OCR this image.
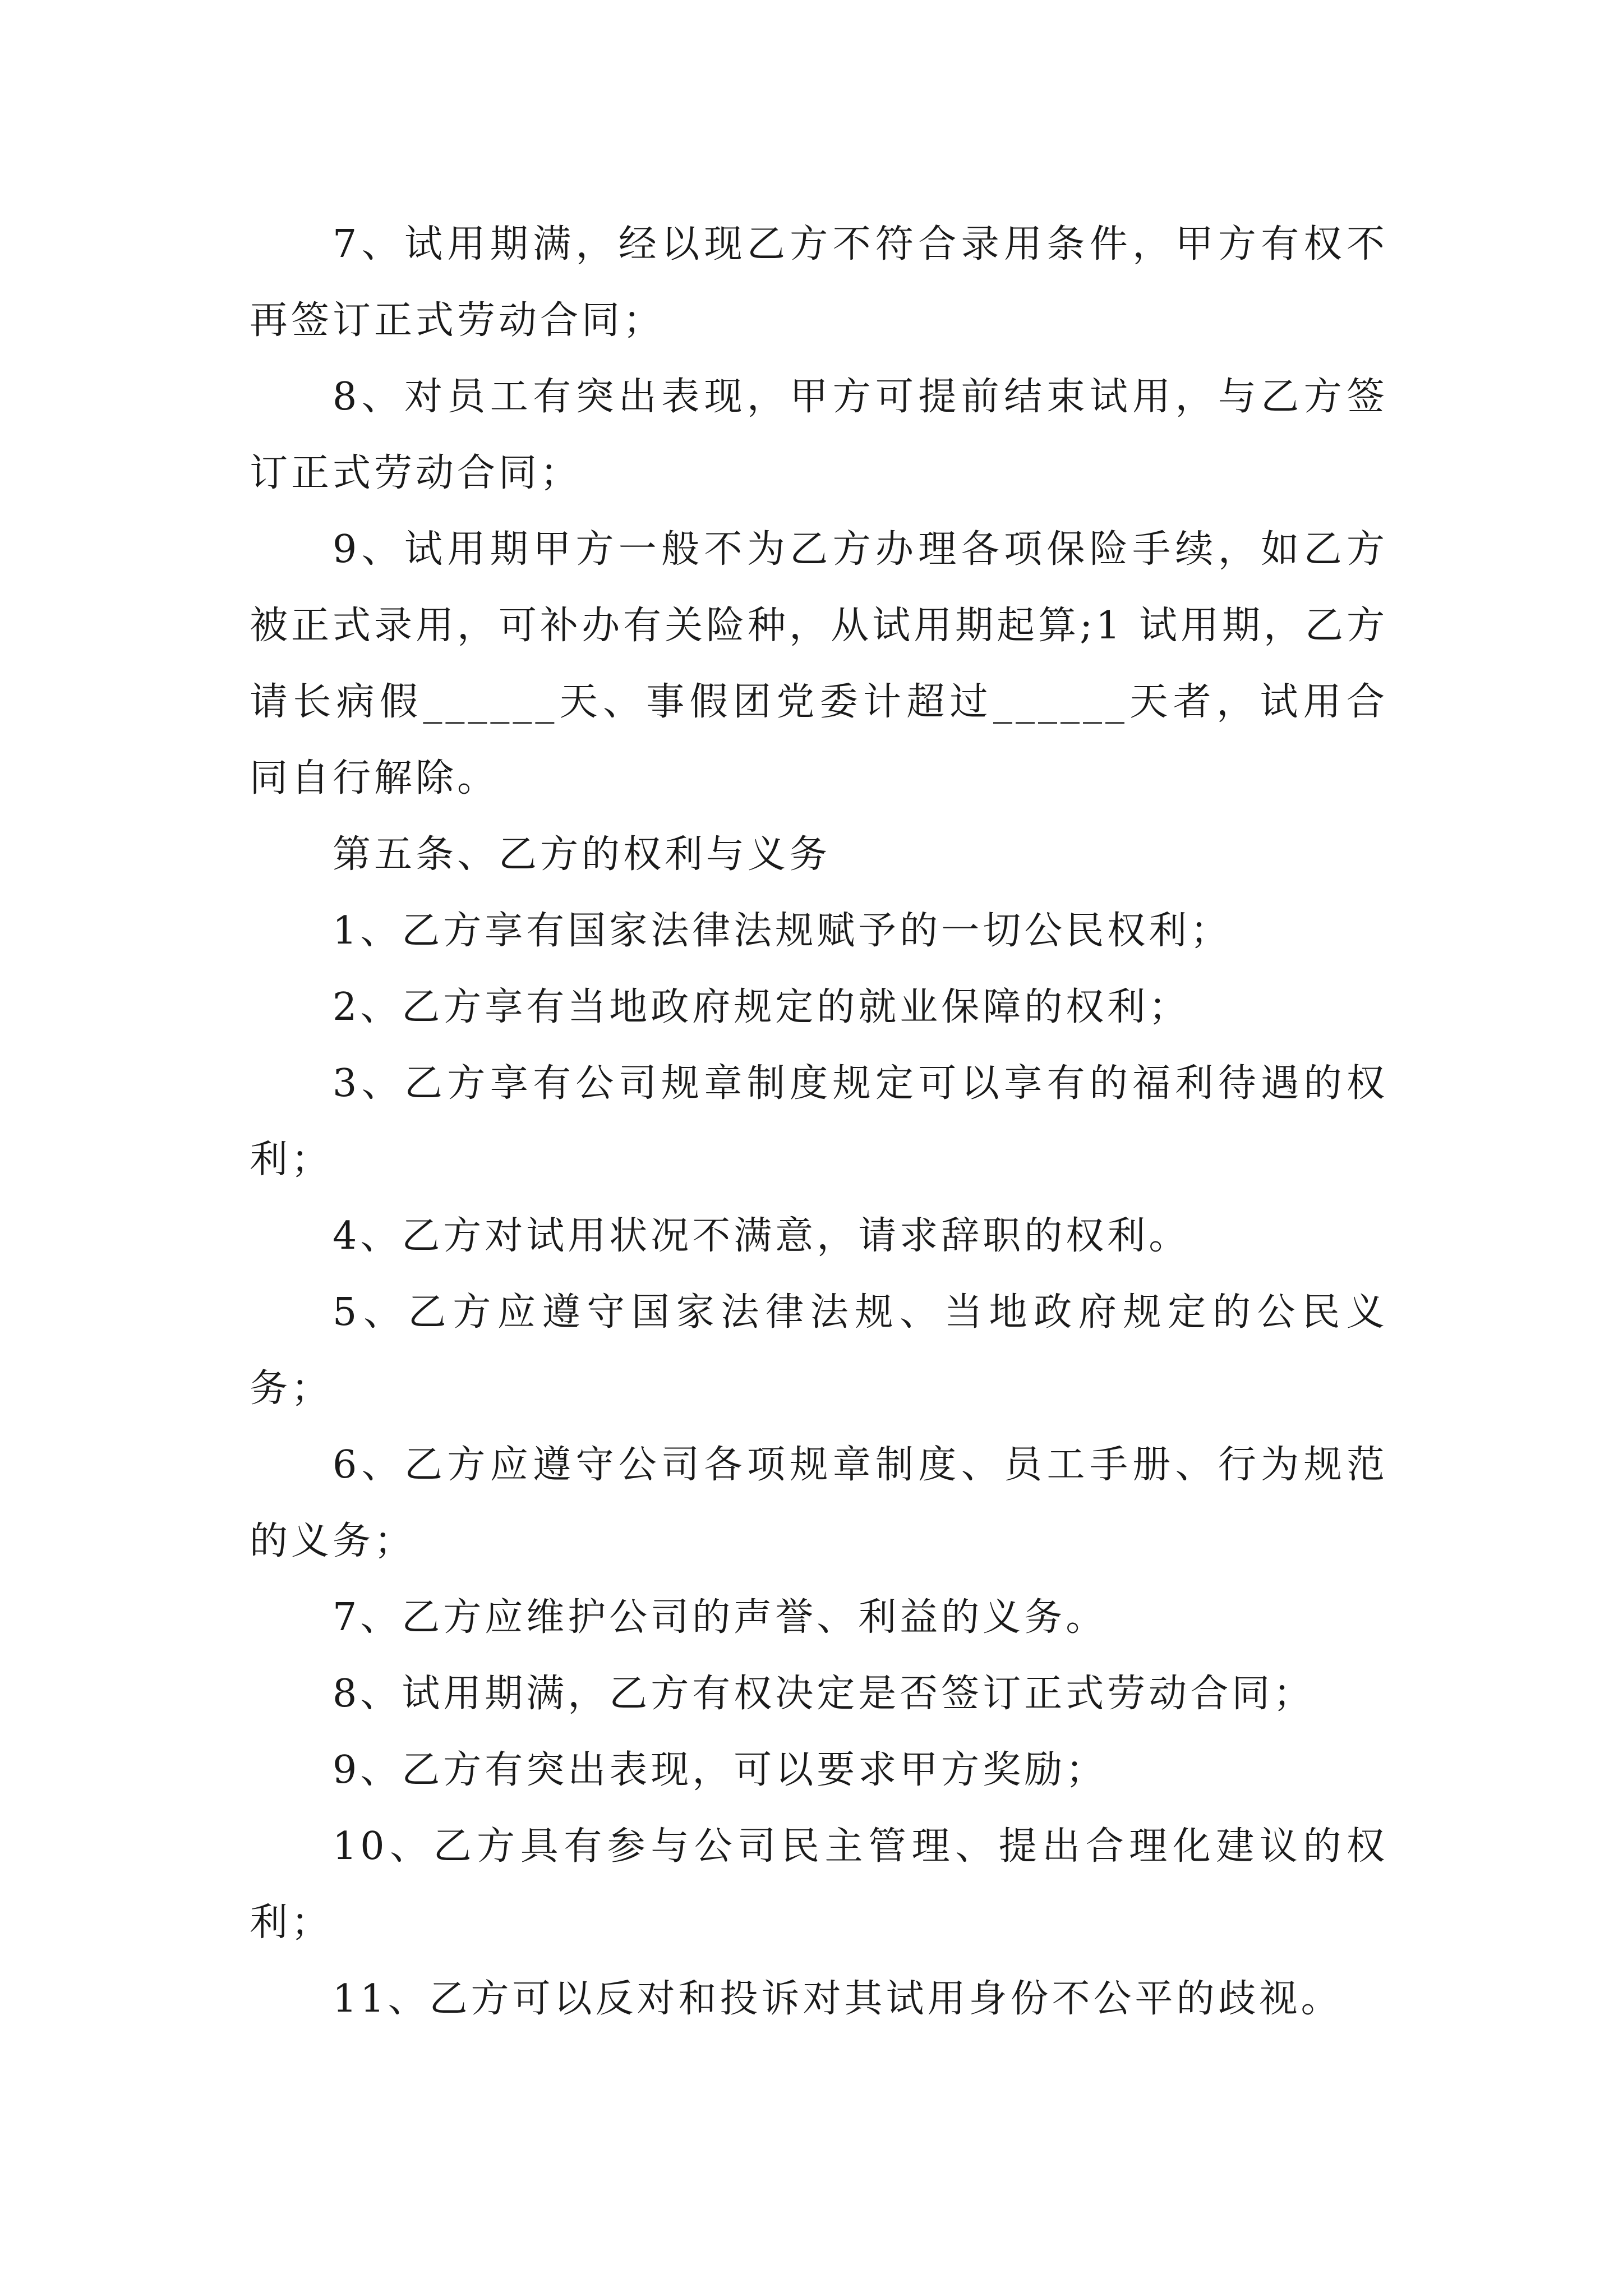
7、试用期满，经以现乙方不符合录用条件，甲方有权不再签订正式劳动合同；

8、对员工有突出表现，甲方可提前结束试用，与乙方签订正式劳动合同；

9、试用期甲方一般不为乙方办理各项保险手续，如乙方被正式录用，可补办有关险种，从试用期起算;1 试用期，乙方请长病假______天、事假团党委计超过______天者，试用合同自行解除。

第五条、乙方的权利与义务

1、乙方享有国家法律法规赋予的一切公民权利；

2、乙方享有当地政府规定的就业保障的权利；

3、乙方享有公司规章制度规定可以享有的福利待遇的权利；

4、乙方对试用状况不满意，请求辞职的权利。

5、乙方应遵守国家法律法规、当地政府规定的公民义务；

6、乙方应遵守公司各项规章制度、员工手册、行为规范的义务；

7、乙方应维护公司的声誉、利益的义务。

8、试用期满，乙方有权决定是否签订正式劳动合同；

9、乙方有突出表现，可以要求甲方奖励；

10、乙方具有参与公司民主管理、提出合理化建议的权利；

11、乙方可以反对和投诉对其试用身份不公平的歧视。
